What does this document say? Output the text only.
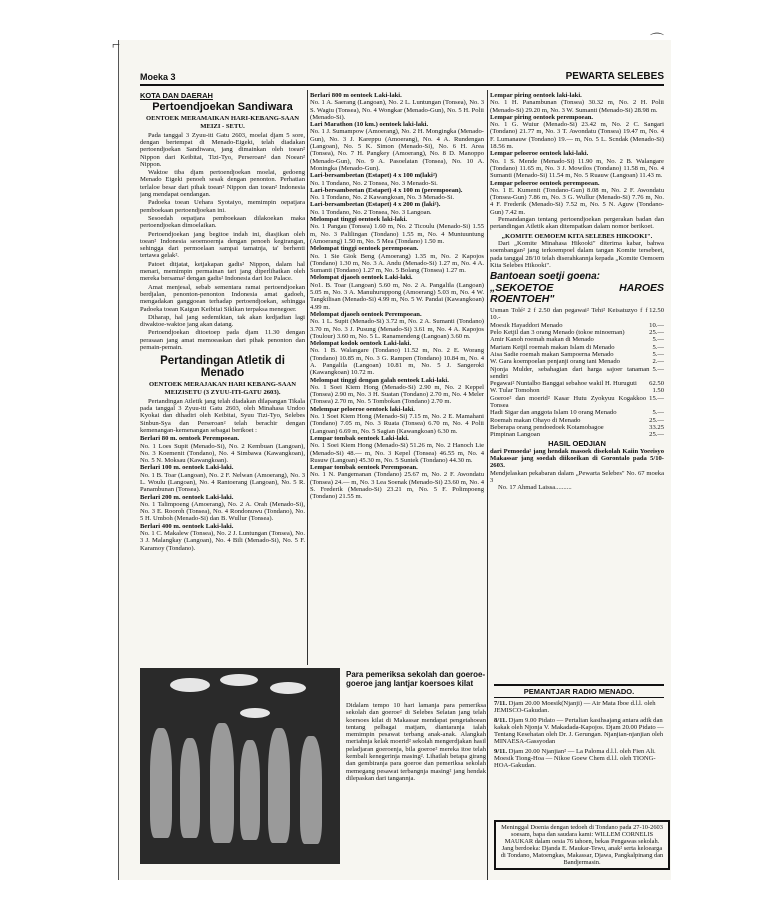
⌐	⌒
Moeka 3	PEWARTA SELEBES
KOTA DAN DAERAH
Pertoendjoekan Sandiwara
OENTOEK MERAMAIKAN HARI-KEBANG-SAAN MEIZI - SETU.

Pada tanggal 3 Zyuu-iti Gatu 2603, moelai djam 5 sore, dengan bertempat di Menado-Eigeki, telah diadakan pertoendjoekan Sandiwara, jang dimainkan oleh toean² Nippon dari Keibitai, Tizi-Tyo, Perseroan² dan Noean² Nippon.

Waktoe tiba djam pertoendjoekan moelai, gedoeng Menado Eigeki penoeh sesak dengan penonton. Perhatian terlaloe besar dari pihak toean² Nippon dan toean² Indonesia jang mendapat oendangan.

Padoeka toean Uehara Syotaiyo, memimpin oepatjara pemboekaan pertoendjoekan ini.

Sesoedah oepatjara pemboekaan dilakoekan maka pertoendjoekan dimoelaikan.

Pertoendjoekan jang begitoe indah ini, diasjikan oleh toean² Indonesia seoemoernja dengan penoeh kegirangan, sehingga dari permoelaan sampai tamatnja, ta' berhenti tertawa gelak².

Patoet ditjatat, ketjakapan gadis² Nippon, dalam hal menari, memimpin permainan tari jang diperlihatkan oleh mereka bersama² dengan gadis² Indonesia dari Ice Palace.

Amat menjesal, sebab sementara ramai pertoendjoekan berdjalan, penonton-penonton Indonesia amat gadoeh, mengadakan ganggoean terhadap pertoendjoekan, sehingga Padoeka toean Kaigun Keibitai Sikikan terpaksa menegoer.

Diharap, hal jang sedemikian, tak akan kedjadian lagi diwaktoe-waktoe jang akan datang.

Pertoendjoekan ditoetoep pada djam 11.30 dengan perasaan jang amat memoeaskan dari pihak penonton dan pemain-pemain.

Pertandingan Atletik di Menado
OENTOEK MERAJAKAN HARI KEBANG-SAAN MEIZISETU (3 ZYUU-ITI-GATU 2603).

Pertandingan Atletik jang telah diadakan dilapangan Tikala pada tanggal 3 Zyuu-iti Gatu 2603, oleh Minahasa Undoo Kyokai dan dihadiri oleh Keibitai, Syuu Tizi-Tyo, Selebes Sinbun-Sya dan Perseroan² telah berachir dengan kemenangan-kemenangan sebagai berikoet :

Berlari 80 m. oentoek Perempoean.
No. 1 Loes Supit (Menado-Si), No. 2 Kembuan (Langoan), No. 3 Koemenit (Tondano), No. 4 Simbawa (Kawangkoan), No. 5 N. Moksau (Kawangkoan).
Berlari 100 m. oentoek Laki-laki.
No. 1 B. Toar (Langoan), No. 2 F. Nelwan (Amoerang), No. 3 L. Woulu (Langoan), No. 4 Rantoerang (Langoan), No. 5 R. Panambunan (Tonsea).
Berlari 200 m. oentoek Laki-laki.
No. 1 Talimpoeng (Amoerang), No. 2 A. Orah (Menado-Si), No. 3 E. Rooroh (Tonsea), No. 4 Rondonuwu (Tondano), No. 5 H. Umboh (Menado-Si) dan B. Wullur (Tonsea).
Berlari 400 m. oentoek Laki-laki.
No. 1 C. Makalew (Tonsea), No. 2 J. Luntungan (Tonsea), No. 3 J. Malangkay (Langoan), No. 4 Bili (Menado-Si), No. 5 F. Karamoy (Tondano).
Berlari 800 m oentoek Laki-laki.
No. 1 A. Saerang (Langoan), No. 2 L. Luntungan (Tonsea), No. 3 S. Wagiu (Tonsea), No. 4 Wongkar (Menado-Gun), No. 5 H. Polii (Menado-Si).
Lari Marathon (10 km.) oentoek laki-laki.
No. 1 J. Sumampow (Amoerang), No. 2 H. Mongingka (Menado-Gun), No. 3 J. Kareppu (Amoerang), No. 4 A. Rundengan (Langoan), No. 5 K. Simon (Menado-Si), No. 6 H. Area (Tonsea), No. 7 H. Pangkey (Amoerang), No. 8 D. Manoppo (Menado-Gun), No. 9 A. Pasoelatan (Tonsea), No. 10 A. Moningka (Menado-Gun).
Lari-bersambeetan (Estapet) 4 x 100 m(laki²)
No. 1 Tondano, No. 2 Tonsea, No. 3 Menado-Si.
Lari-bersambeetan (Estapet) 4 x 100 m (perempoean).
No. 1 Tondano, No. 2 Kawangkoan, No. 3 Menado-Si.
Lari-bersambeetan (Estapet) 4 x 200 m (laki²).
No. 1 Tondano, No. 2 Tonsea, No. 3 Langoan.
Melompat tinggi oentoek laki-laki.
No. 1 Pangau (Tonsea) 1.60 m, No. 2 Ticoulu (Menado-Si) 1.55 m, No. 3 Palilingan (Tondano) 1.55 m, No. 4 Muntuuntung (Amoerang) 1.50 m, No. 5 Mea (Tondano) 1.50 m.
Melompat tinggi oentoek perempoean.
No. 1 Sie Giok Beng (Amoerang) 1.35 m, No. 2 Kapojos (Tondano) 1.30 m, No. 3 A. Andu (Menado-Si) 1.27 m, No. 4 A. Sumanti (Tondano) 1.27 m, No. 5 Bolang (Tonsea) 1.27 m.
Melompat djaoeh oentoek Laki-laki.
No1. B. Toar (Langoan) 5.60 m, No. 2 A. Pangalila (Langoan) 5.05 m, No. 3 A. Manuhuruppong (Amoerang) 5.03 m, No. 4 W. Tangkilisan (Menado-Si) 4.99 m, No. 5 W. Pandai (Kawangkoan) 4.99 m.
Melompat djaoeh oentoek Perempoean.
No. 1 L. Supit (Menado-Si) 3.72 m, No. 2 A. Sumanti (Tondano) 3.70 m, No. 3 J. Pusung (Menado-Si) 3.61 m, No. 4 A. Kapojos (Toulour) 3.60 m, No. 5 L. Ranamendeng (Langoan) 3.60 m.
Melompat kodok oentoek Laki-laki.
No. 1 B. Walangare (Tondano) 11.52 m, No. 2 E. Worang (Tondano) 10.85 m, No. 3 G. Rampen (Tondano) 10.84 m, No. 4 A. Pangalila (Langoan) 10.81 m, No. 5 J. Sangeroki (Kawangkoan) 10.72 m.
Melompat tinggi dengan galah oentoek Laki-laki.
No. 1 Soei Kiem Hong (Menado-Si) 2.90 m, No. 2 Keppel (Tonsea) 2.90 m, No. 3 H. Suatan (Tondano) 2.70 m, No. 4 Meler (Tonsea) 2.70 m, No. 5 Tombokan (Tondano) 2.70 m.
Melempar peloeroe oentoek laki-laki.
No. 1 Soei Kiem Hong (Menado-Si) 7.15 m, No. 2 E. Mamahani (Tondano) 7.05 m, No. 3 Ruata (Tonsea) 6.70 m, No. 4 Polii (Langoan) 6.69 m, No. 5 Sagian (Kawangkoan) 6.30 m.
Lempar tombak oentoek Laki-laki.
No. 1 Soei Kiem Hong (Menado-Si) 51.26 m, No. 2 Hanoch Lie (Menado-Si) 48.— m, No. 3 Kepel (Tonsea) 46.55 m, No. 4 Rusuw (Langoan) 45.30 m, No. 5 Suntek (Tondano) 44.30 m.
Lempar tombak oentoek Perempoean.
No. 1 N. Pangemanan (Tondano) 25.67 m, No. 2 F. Awondatu (Tonsea) 24.— m, No. 3 Lea Soenak (Menado-Si) 23.60 m, No. 4 S. Frederik (Menado-Si) 23.21 m, No. 5 F. Polimpoeng (Tondano) 21.55 m.
Lempar piring oentoek laki-laki.
No. 1 H. Panambunan (Tonsea) 30.32 m, No. 2 H. Polii (Menado-Si) 29.20 m, No. 3 W. Sumanti (Menado-Si) 28.98 m.
Lempar piring oentoek perempoean.
No. 1 G. Wuiur (Menado-Si) 23.42 m, No. 2 C. Sangari (Tondano) 21.77 m, No. 3 T. Awondatu (Tonsea) 19.47 m, No. 4 F. Lumanauw (Tondano) 19.— m, No. 5 L. Scndak (Menado-Si) 18.56 m.
Lempar peloeroe oentoek laki-laki.
No. 1 S. Mende (Menado-Si) 11.90 m, No. 2 B. Walangare (Tondano) 11.65 m, No. 3 J. Mowilos (Tondano) 11.58 m, No. 4 Sumanti (Menado-Si) 11.54 m, No. 5 Ruauw (Langoan) 11.43 m.
Lempar peloeroe oentoek perempoean.
No. 1 E. Kumenit (Tondano-Gun) 8.08 m, No. 2 F. Awondatu (Tonsea-Gun) 7.86 m, No. 3 G. Wullur (Menado-Si) 7.76 m, No. 4 F. Frederik (Menado-Si) 7.52 m, No. 5 N. Aguw (Tondano-Gun) 7.42 m.

Pemandangan tentang pertoendjoekan pergerakan badan dan pertandingan Atletik akan ditempatkan dalam nomor berikoet.

„KOMITE OEMOEM KITA SELEBES HIKOOKI".

Dari „Komite Minahasa Hikooki" diterima kabar, bahwa soembangan² jang terkoempoel dalam tangan Komite tersebeet, pada tanggal 28/10 telah diserahkannja kepada „Komite Oemoem Kita Selebes Hikooki".

Bantoean soetji goena:
„SEKOETOE HAROES ROENTOEH"
Usman Tolé² 2 f 2.50 dan pegawai² Tehi² Keisatuzyo f 10.-
f 12.50
Moesik Hayaddori Menado	10.—
Pelo Ketjil dan 3 orang Menado (tokoe minoeman)	25.—
Amir Kanoh roemah makan di Menado	5.—
Mariam Ketjil roemah makan Islam di Menado	5.—
Aisa Sadie roemah makan Sampoerna Menado	5.—
W. Gara koempoelan penjanji orang tani Menado	2.—
Njonja Mulder, sebahagian dari harga sajoer tanaman sendiri
5.—
Pegawai² Nuntalbo Banggai sebahoe wakil H. Huruguti	62.50
W. Tular Tomohon	1.50
Goeroe² dan moerid² Kasar Hutu Zyokyuu Kogakkoo Tonsea
15.—
Hadi Sigar dan anggota Islam 10 orang Menado	5.—
Roemah makan Ohayo di Menado	25.—
Beberapa orang pendoedoek Kotamobagoe	33.25
Pimpinan Langoan	25.—
HASIL OEDJIAN
dari Pemoeda² jang hendak masoek disekolah Kaiin Yoeeisyo Makassar jang soedah diikoeikan di Gorontalo pada 5/10-2603.
Mendjelaskan pekabaran dalam „Pewarta Selebes" No. 67 moeka 3
No. 17 Ahmad Laissa..........
Para pemeriksa sekolah dan goeroe-goeroe jang lantjar koersoes kilat
Didalam tempo 10 hari lamanja para pemeriksa sekolah dan goeroe² di Selebes Selatan jang telah koersoes kilat di Makassar mendapat pengetahoean tentang pelbagai matjam, diantaranja ialah memimpin pesawat terbang anak-anak. Alangkah meriahnja kelak moerid² sekolah mengerdjakan hasil peladjaran goeroenja, bila goeroe² mereka itoe telah kembali kenegerinja masing². Lihatlah betapa girang dan gembiranja para goeroe dan pemeriksa sekolah memegang pesawat terbangnja masing² jang hendak dilepaskan dari tangannja.
PEMANTJAR RADIO MENADO.
7/11. Djam 20.00 Moesik(Njanji) — Air Mata Iboe d.l.l. oleh JEMISCO-Gakudan.
8/11. Djam 9.00 Pidato — Pertalian kasihsajang antara adik dan kakak oleh Njonja V. Makadada-Kapojos. Djam 20.00 Pidato — Tentang Kesehatan oleh Dr. J. Gerungan. Njanjian-njanjian oleh MINAESA-Gassyodan
9/11. Djam 20.00 Njanjian² — La Paloma d.l.l. oleh Fien Ali. Moesik Tiong-Hoa — Nikoe Goew Chem d.l.l. oleh TIONG-HOA-Gakudan.
Meninggal Doenia dengan tedoeh di Tondano pada 27-10-2603 soesam, bapa dan saudara kami: WILLEM CORNELIS MAUKAR dalam oesia 76 tahoen, bekas Pengawas sekolah. Jang berdoeka: Djanda E. Maukar-Tewu, anak² serta keloearga di Tondano, Matoengkas, Makassar, Djawa, Pangkalpinang dan Bandjermasin.
